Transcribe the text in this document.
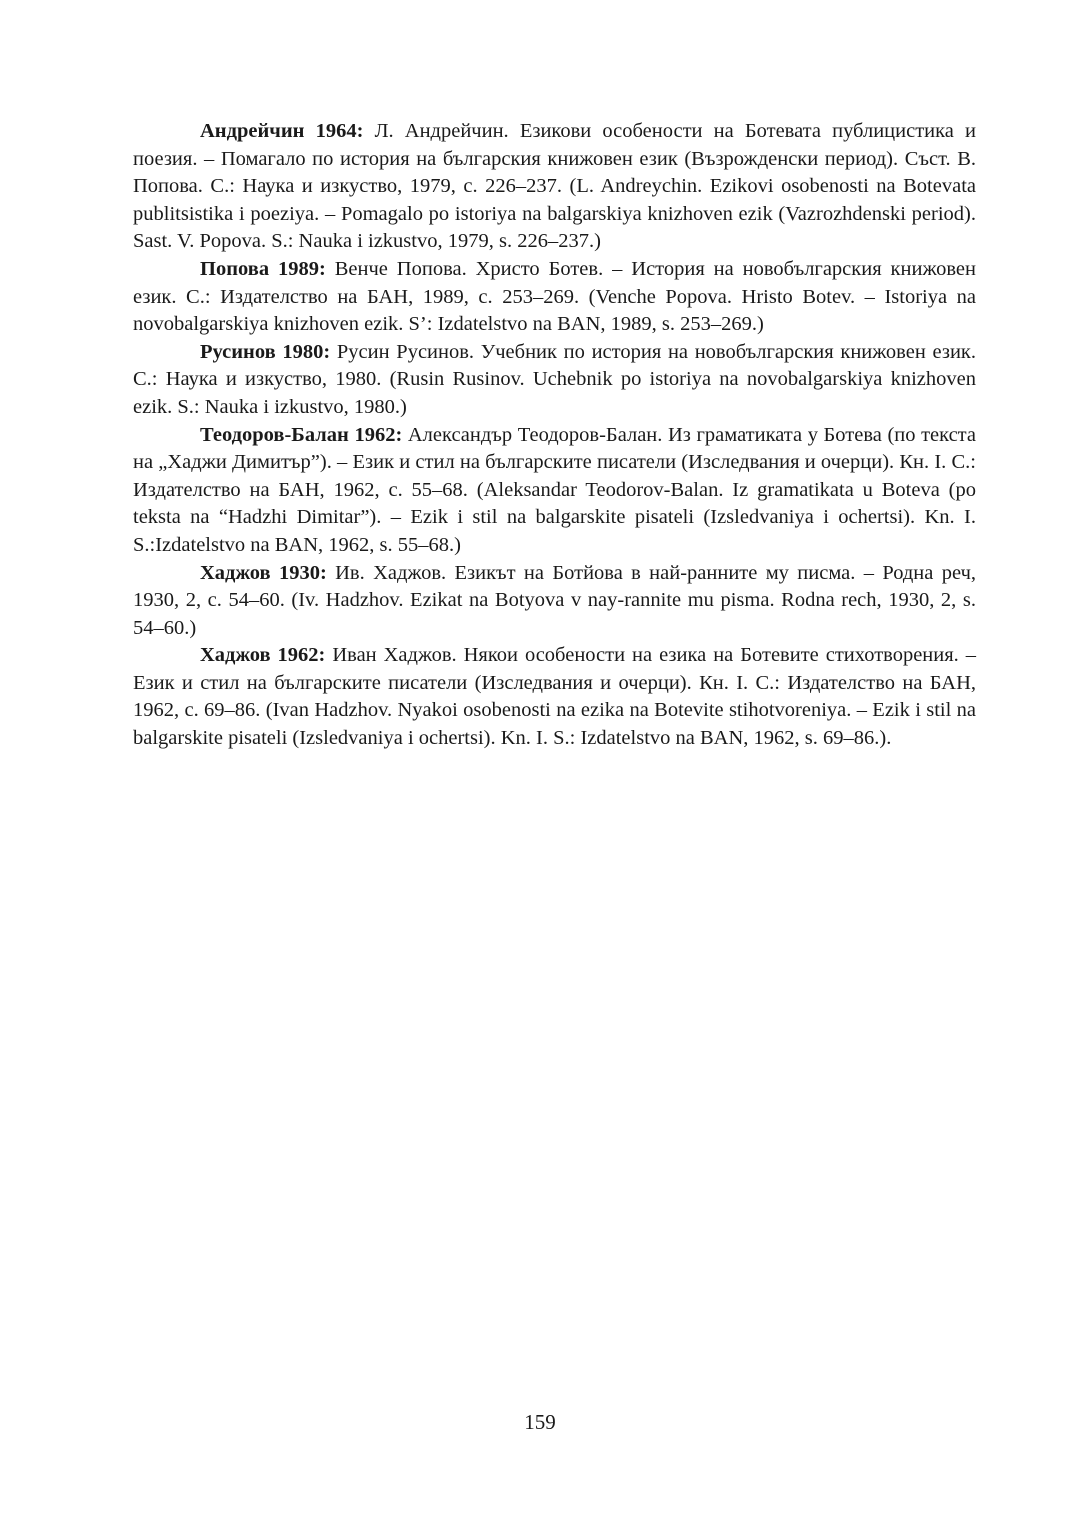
Андрейчин 1964: Л. Андрейчин. Езикови особености на Ботевата публицистика и поезия. – Помагало по история на българския книжовен език (Възрожденски период). Съст. В. Попова. С.: Наука и изкуство, 1979, с. 226–237. (L. Andreychin. Ezikovi osobenosti na Botevata publitsistika i poeziya. – Pomagalo po istoriya na balgarskiya knizhoven ezik (Vazrozhdenski period). Sast. V. Popova. S.: Nauka i izkustvo, 1979, s. 226–237.)

Попова 1989: Венче Попова. Христо Ботев. – История на новобългарския книжовен език. С.: Издателство на БАН, 1989, с. 253–269. (Venche Popova. Hristo Botev. – Istoriya na novobalgarskiya knizhoven ezik. S’: Izdatelstvo na BAN, 1989, s. 253–269.)

Русинов 1980: Русин Русинов. Учебник по история на новобългарския книжовен език. С.: Наука и изкуство, 1980. (Rusin Rusinov. Uchebnik po istoriya na novobalgarskiya knizhoven ezik. S.: Nauka i izkustvo, 1980.)

Теодоров-Балан 1962: Александър Теодоров-Балан. Из граматиката у Ботева (по текста на „Хаджи Димитър”). – Език и стил на българските писатели (Изследвания и очерци). Кн. I. С.: Издателство на БАН, 1962, с. 55–68. (Aleksandar Teodorov-Balan. Iz gramatikata u Boteva (po teksta na “Hadzhi Dimitar”). – Ezik i stil na balgarskite pisateli (Izsledvaniya i ochertsi). Kn. I. S.:Izdatelstvo na BAN, 1962, s. 55–68.)

Хаджов 1930: Ив. Хаджов. Езикът на Ботйова в най-ранните му писма. – Родна реч, 1930, 2, с. 54–60. (Iv. Hadzhov. Ezikat na Botyova v nay-rannite mu pisma. Rodna rech, 1930, 2, s. 54–60.)

Хаджов 1962: Иван Хаджов. Някои особености на езика на Ботевите стихотворения. – Език и стил на българските писатели (Изследвания и очерци). Кн. I. С.: Издателство на БАН, 1962, с. 69–86. (Ivan Hadzhov. Nyakoi osobenosti na ezika na Botevite stihotvoreniya. – Ezik i stil na balgarskite pisateli (Izsledvaniya i ochertsi). Kn. I. S.: Izdatelstvo na BAN, 1962, s. 69–86.).

159
